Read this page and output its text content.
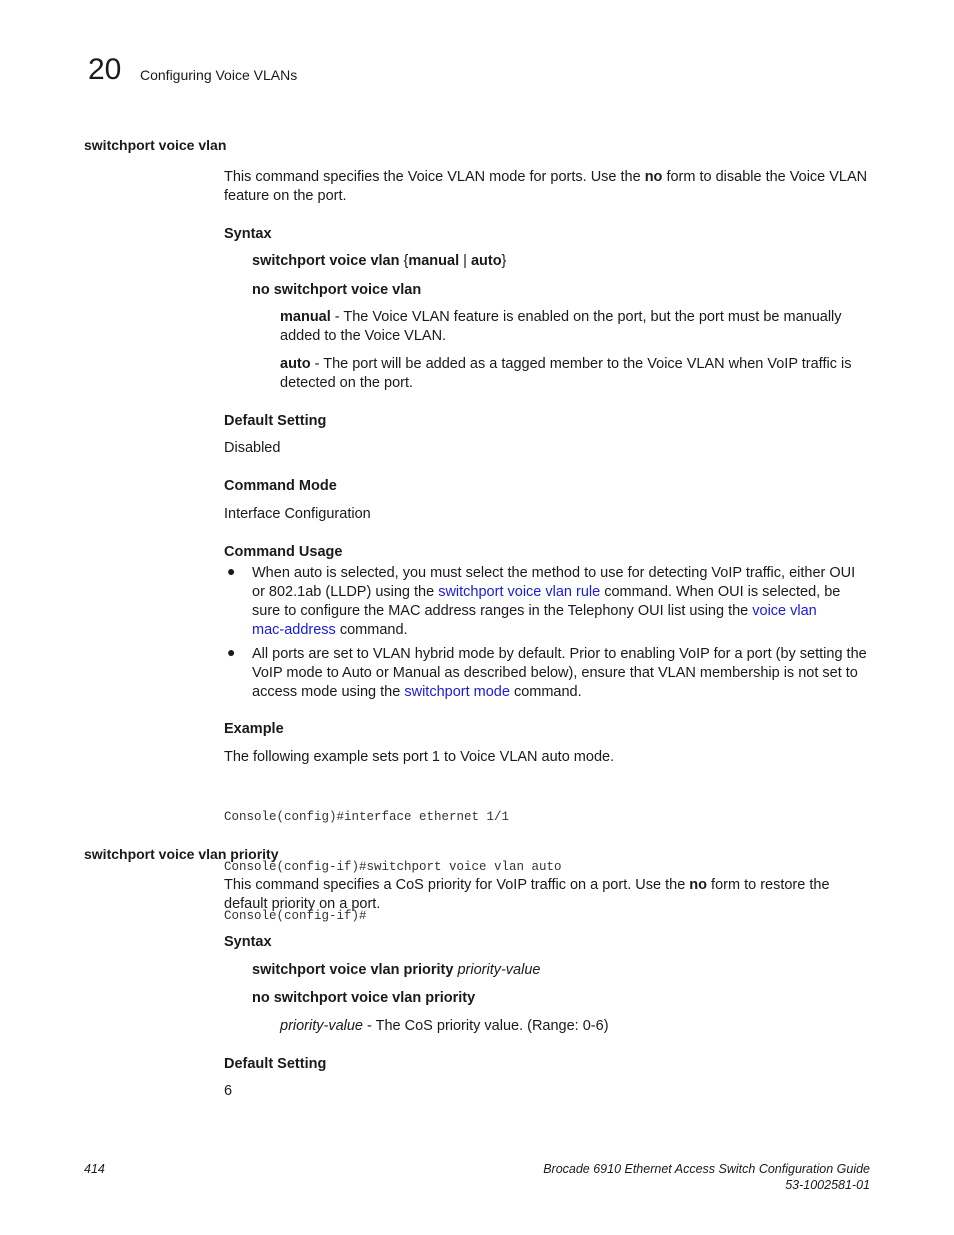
20 Configuring Voice VLANs
switchport voice vlan
This command specifies the Voice VLAN mode for ports. Use the no form to disable the Voice VLAN
feature on the port.
Syntax
switchport voice vlan {manual | auto}
no switchport voice vlan
manual - The Voice VLAN feature is enabled on the port, but the port must be manually
added to the Voice VLAN.
auto - The port will be added as a tagged member to the Voice VLAN when VoIP traffic is
detected on the port.
Default Setting
Disabled
Command Mode
Interface Configuration
Command Usage
● When auto is selected, you must select the method to use for detecting VoIP traffic, either OUI
or 802.1ab (LLDP) using the switchport voice vlan rule command. When OUI is selected, be
sure to configure the MAC address ranges in the Telephony OUI list using the voice vlan
mac-address command.
● All ports are set to VLAN hybrid mode by default. Prior to enabling VoIP for a port (by setting the
VoIP mode to Auto or Manual as described below), ensure that VLAN membership is not set to
access mode using the switchport mode command.
Example
The following example sets port 1 to Voice VLAN auto mode.

Console(config)#interface ethernet 1/1

Console(config-if)#switchport voice vlan auto

Console(config-if)#

switchport voice vlan priority
This command specifies a CoS priority for VoIP traffic on a port. Use the no form to restore the
default priority on a port.
Syntax
switchport voice vlan priority priority-value
no switchport voice vlan priority
priority-value - The CoS priority value. (Range: 0-6)
Default Setting
6
414	Brocade 6910 Ethernet Access Switch Configuration Guide
53-1002581-01
